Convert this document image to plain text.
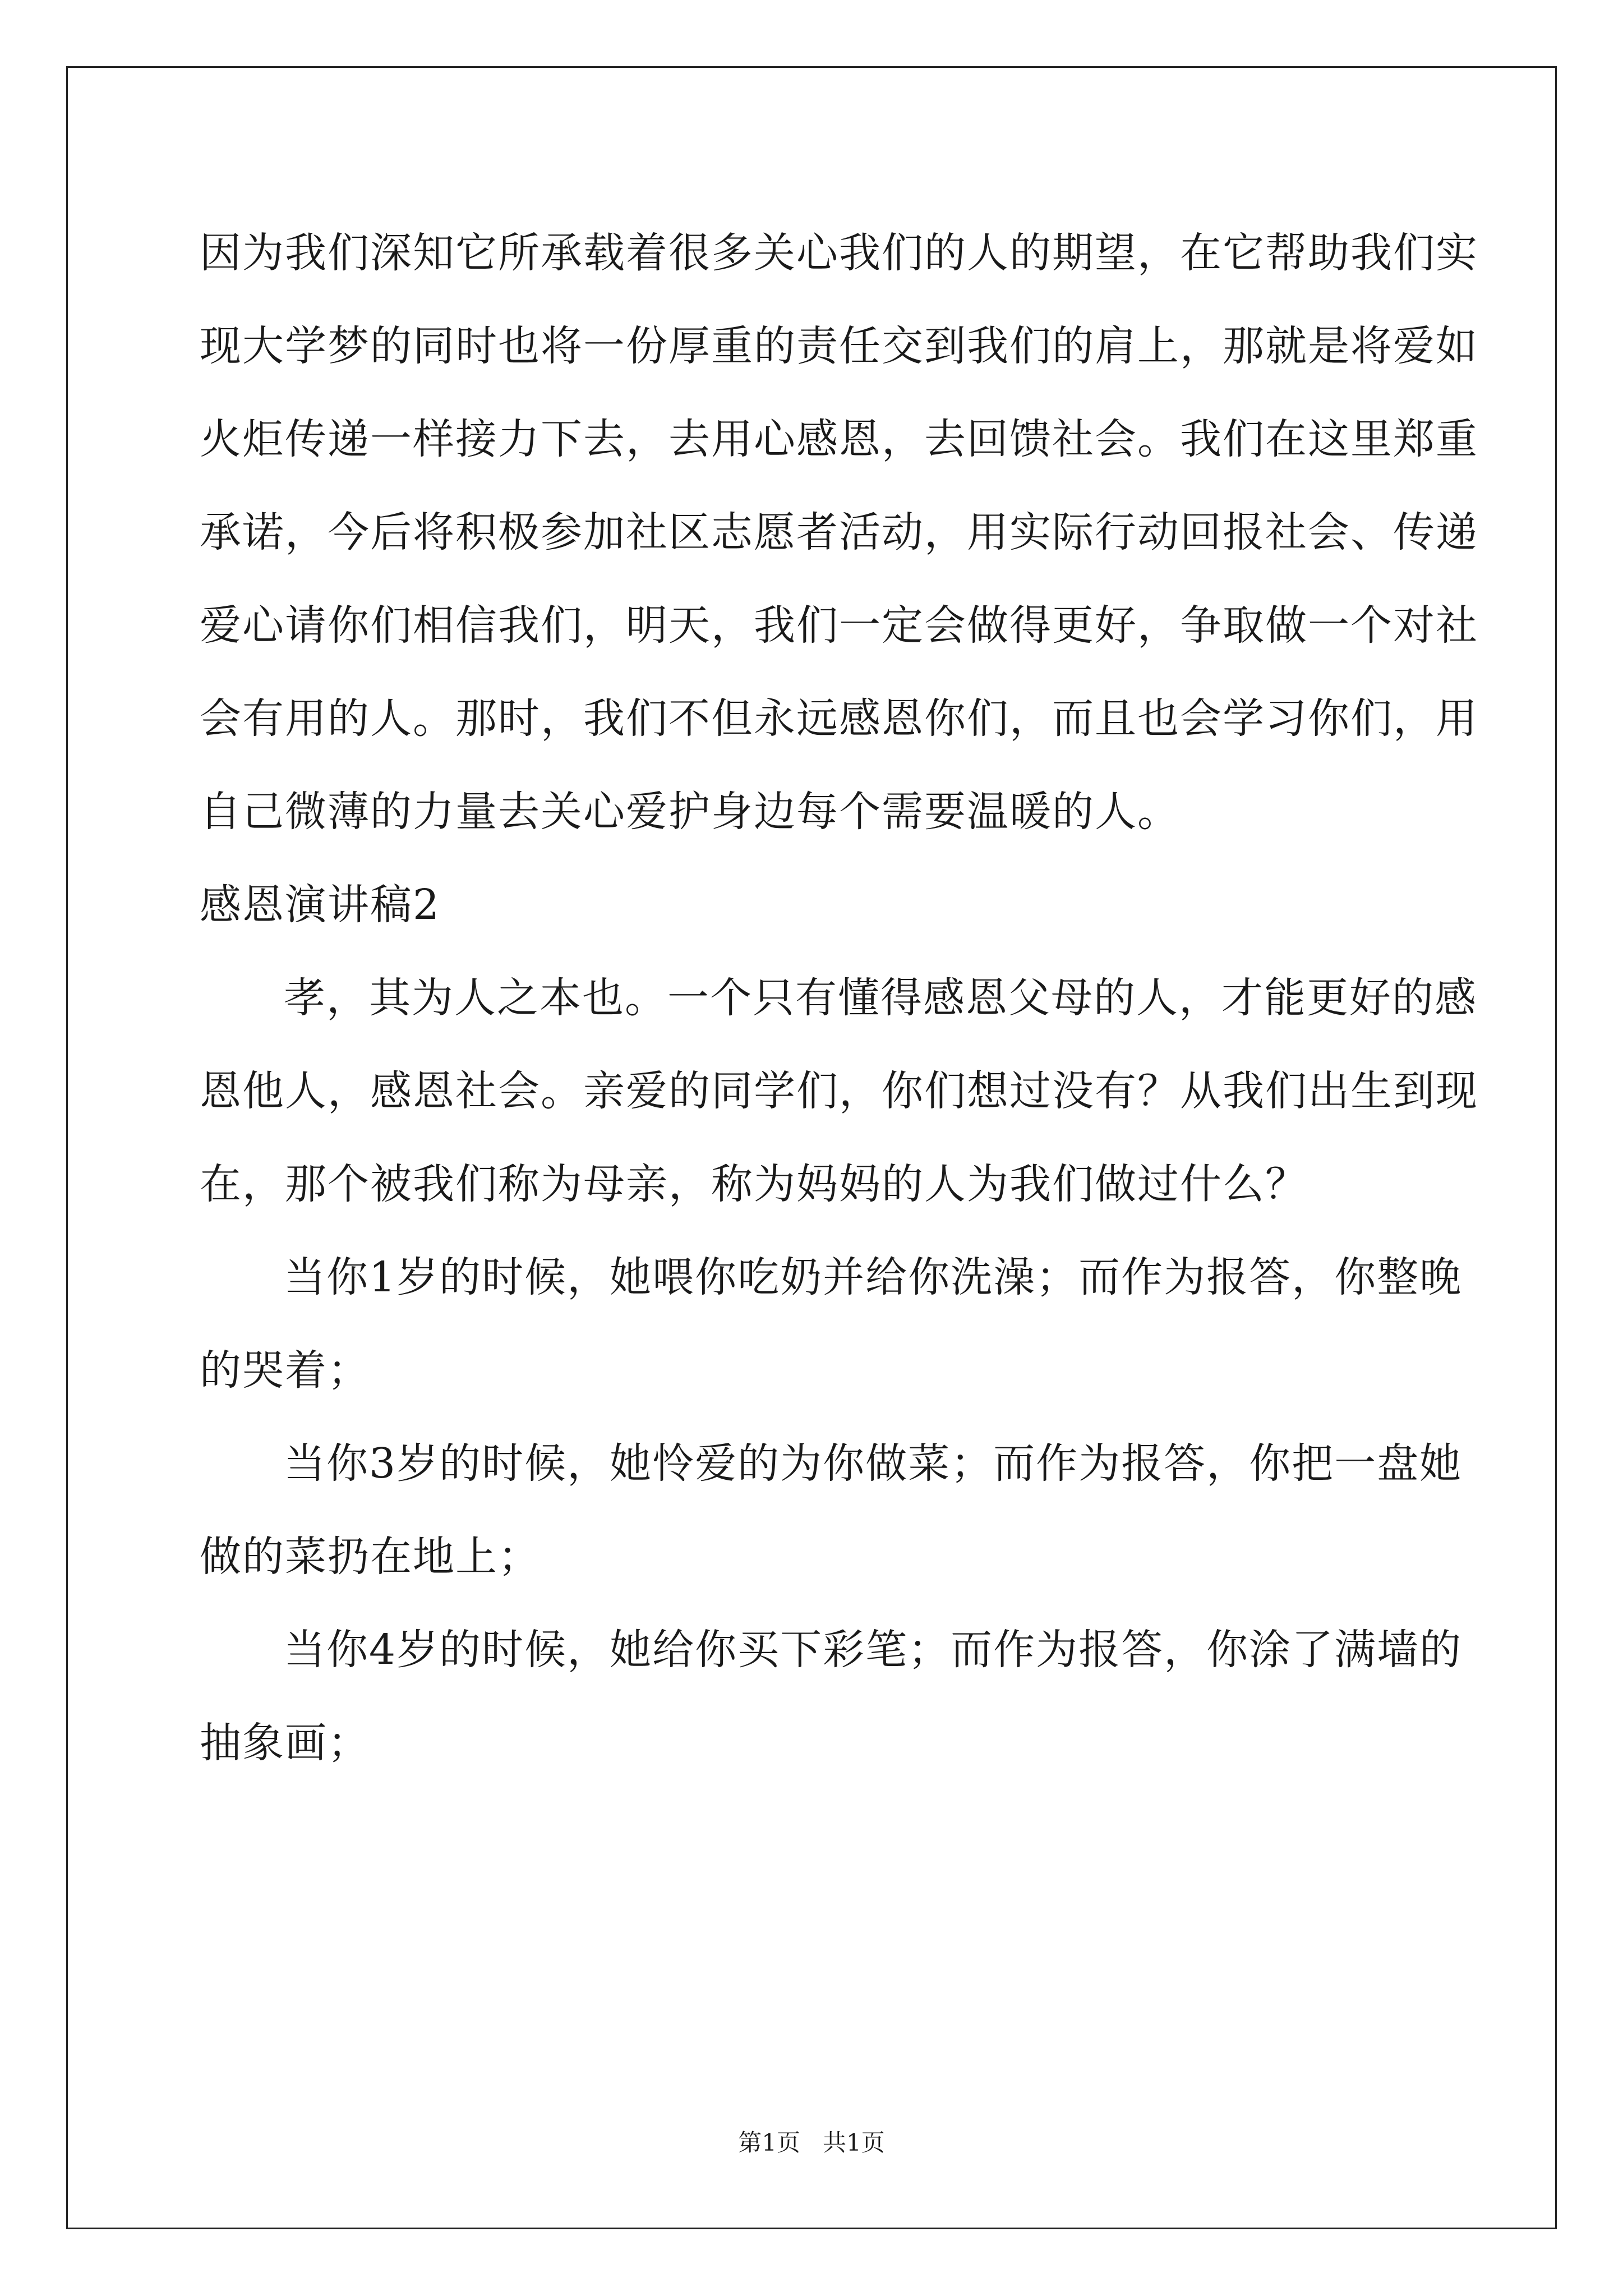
因为我们深知它所承载着很多关心我们的人的期望，在它帮助我们实
现大学梦的同时也将一份厚重的责任交到我们的肩上，那就是将爱如
火炬传递一样接力下去，去用心感恩，去回馈社会。我们在这里郑重
承诺，今后将积极参加社区志愿者活动，用实际行动回报社会、传递
爱心请你们相信我们，明天，我们一定会做得更好，争取做一个对社
会有用的人。那时，我们不但永远感恩你们，而且也会学习你们，用
自己微薄的力量去关心爱护身边每个需要温暖的人。
感恩演讲稿2
孝，其为人之本也。一个只有懂得感恩父母的人，才能更好的感
恩他人，感恩社会。亲爱的同学们，你们想过没有？从我们出生到现
在，那个被我们称为母亲，称为妈妈的人为我们做过什么？
当你1岁的时候，她喂你吃奶并给你洗澡；而作为报答，你整晚
的哭着；
当你3岁的时候，她怜爱的为你做菜；而作为报答，你把一盘她
做的菜扔在地上；
当你4岁的时候，她给你买下彩笔；而作为报答，你涂了满墙的
抽象画；
第1页   共1页
